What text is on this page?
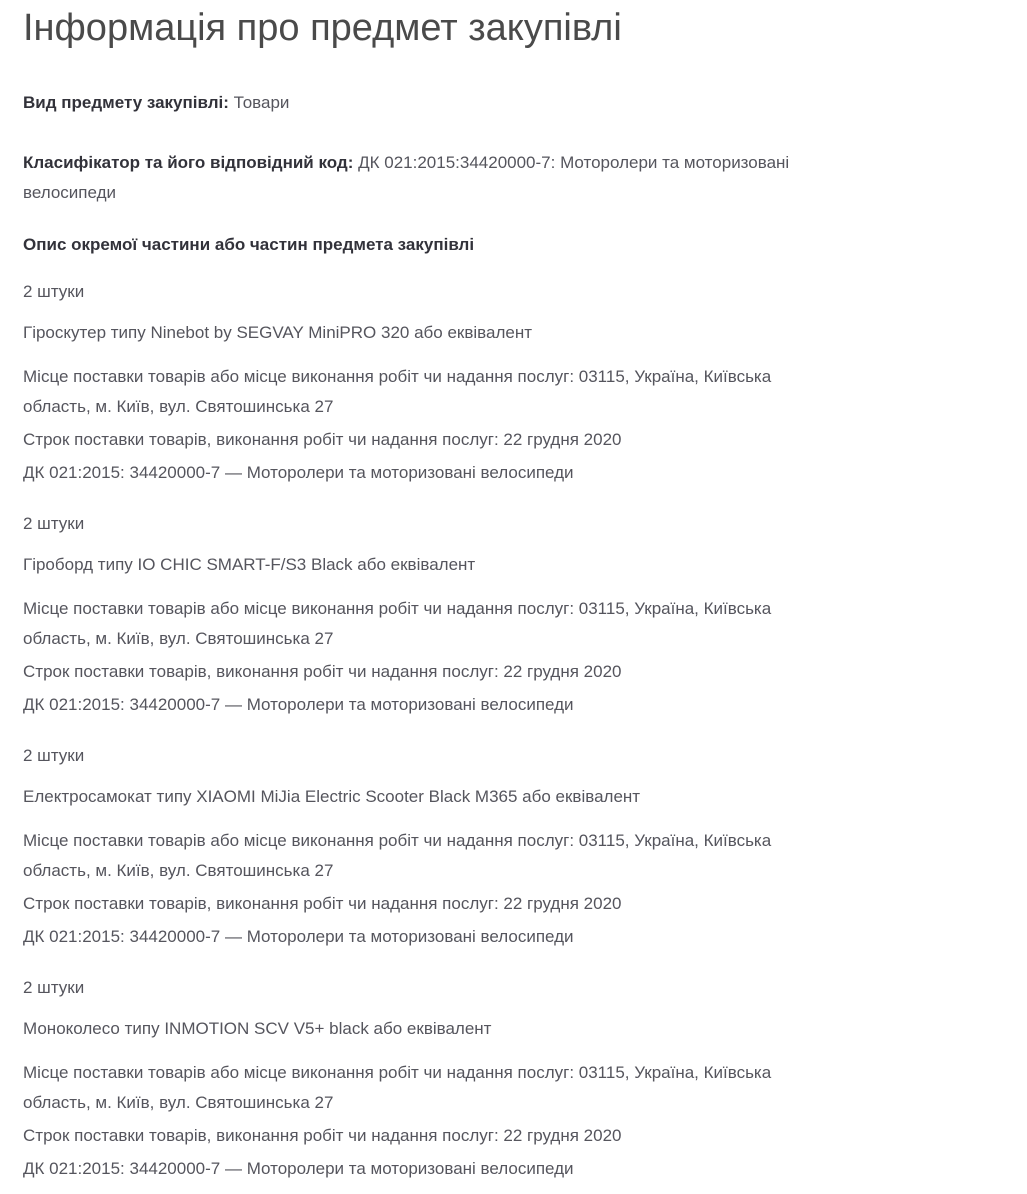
Інформація про предмет закупівлі

Вид предмету закупівлі: Товари

Класифікатор та його відповідний код: ДК 021:2015:34420000-7: Моторолери та моторизовані велосипеди

Опис окремої частини або частин предмета закупівлі

2 штуки

Гіроскутер типу Ninebot by SEGVAY MiniPRO 320 або еквівалент

Місце поставки товарів або місце виконання робіт чи надання послуг: 03115, Україна, Київська область, м. Київ, вул. Святошинська 27

Строк поставки товарів, виконання робіт чи надання послуг: 22 грудня 2020

ДК 021:2015: 34420000-7 — Моторолери та моторизовані велосипеди

2 штуки

Гіроборд типу IO CHIC SMART-F/S3 Black або еквівалент

Місце поставки товарів або місце виконання робіт чи надання послуг: 03115, Україна, Київська область, м. Київ, вул. Святошинська 27

Строк поставки товарів, виконання робіт чи надання послуг: 22 грудня 2020

ДК 021:2015: 34420000-7 — Моторолери та моторизовані велосипеди

2 штуки

Електросамокат типу XIAOMI MiJia Electric Scooter Black M365 або еквівалент

Місце поставки товарів або місце виконання робіт чи надання послуг: 03115, Україна, Київська область, м. Київ, вул. Святошинська 27

Строк поставки товарів, виконання робіт чи надання послуг: 22 грудня 2020

ДК 021:2015: 34420000-7 — Моторолери та моторизовані велосипеди

2 штуки

Моноколесо типу INMOTION SCV V5+ black або еквівалент

Місце поставки товарів або місце виконання робіт чи надання послуг: 03115, Україна, Київська область, м. Київ, вул. Святошинська 27

Строк поставки товарів, виконання робіт чи надання послуг: 22 грудня 2020

ДК 021:2015: 34420000-7 — Моторолери та моторизовані велосипеди
